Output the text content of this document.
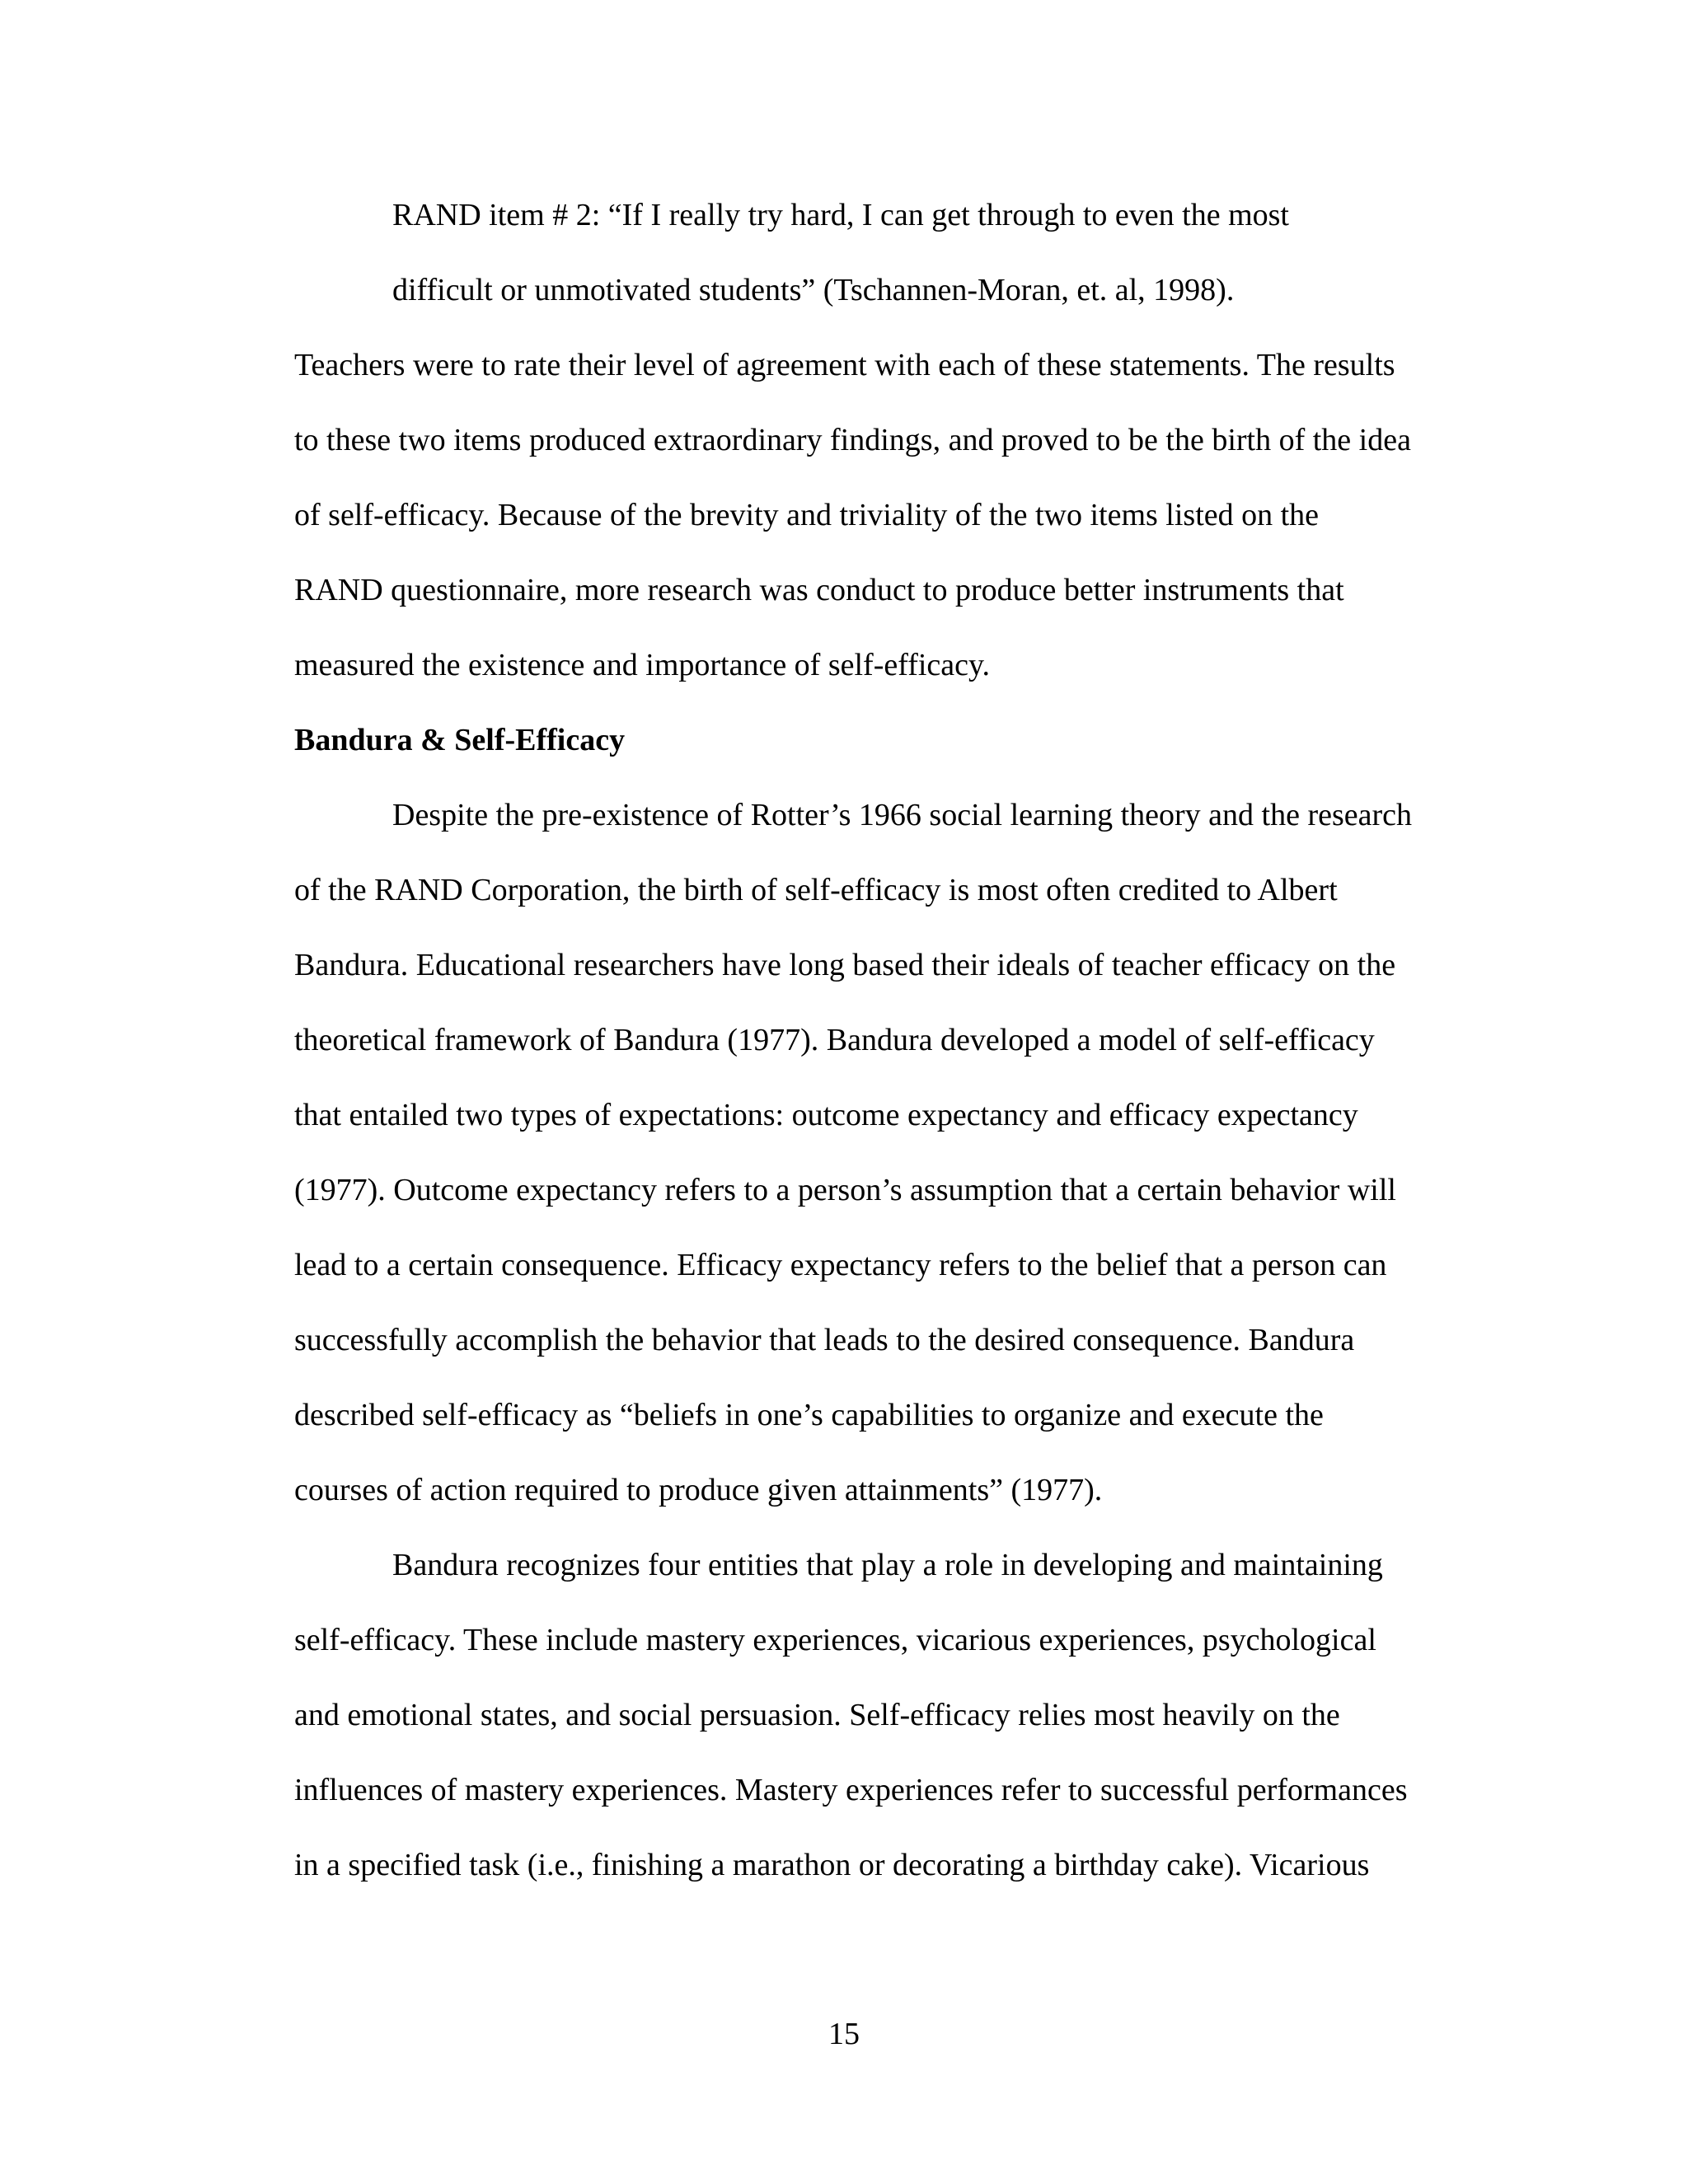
RAND item # 2: “If I really try hard, I can get through to even the most
difficult or unmotivated students” (Tschannen-Moran, et. al, 1998).
Teachers were to rate their level of agreement with each of these statements. The results
to these two items produced extraordinary findings, and proved to be the birth of the idea
of self-efficacy. Because of the brevity and triviality of the two items listed on the
RAND questionnaire, more research was conduct to produce better instruments that
measured the existence and importance of self-efficacy.
Bandura & Self-Efficacy
Despite the pre-existence of Rotter’s 1966 social learning theory and the research
of the RAND Corporation, the birth of self-efficacy is most often credited to Albert
Bandura. Educational researchers have long based their ideals of teacher efficacy on the
theoretical framework of Bandura (1977). Bandura developed a model of self-efficacy
that entailed two types of expectations: outcome expectancy and efficacy expectancy
(1977). Outcome expectancy refers to a person’s assumption that a certain behavior will
lead to a certain consequence. Efficacy expectancy refers to the belief that a person can
successfully accomplish the behavior that leads to the desired consequence. Bandura
described self-efficacy as “beliefs in one’s capabilities to organize and execute the
courses of action required to produce given attainments” (1977).
Bandura recognizes four entities that play a role in developing and maintaining
self-efficacy. These include mastery experiences, vicarious experiences, psychological
and emotional states, and social persuasion. Self-efficacy relies most heavily on the
influences of mastery experiences. Mastery experiences refer to successful performances
in a specified task (i.e., finishing a marathon or decorating a birthday cake). Vicarious
15
